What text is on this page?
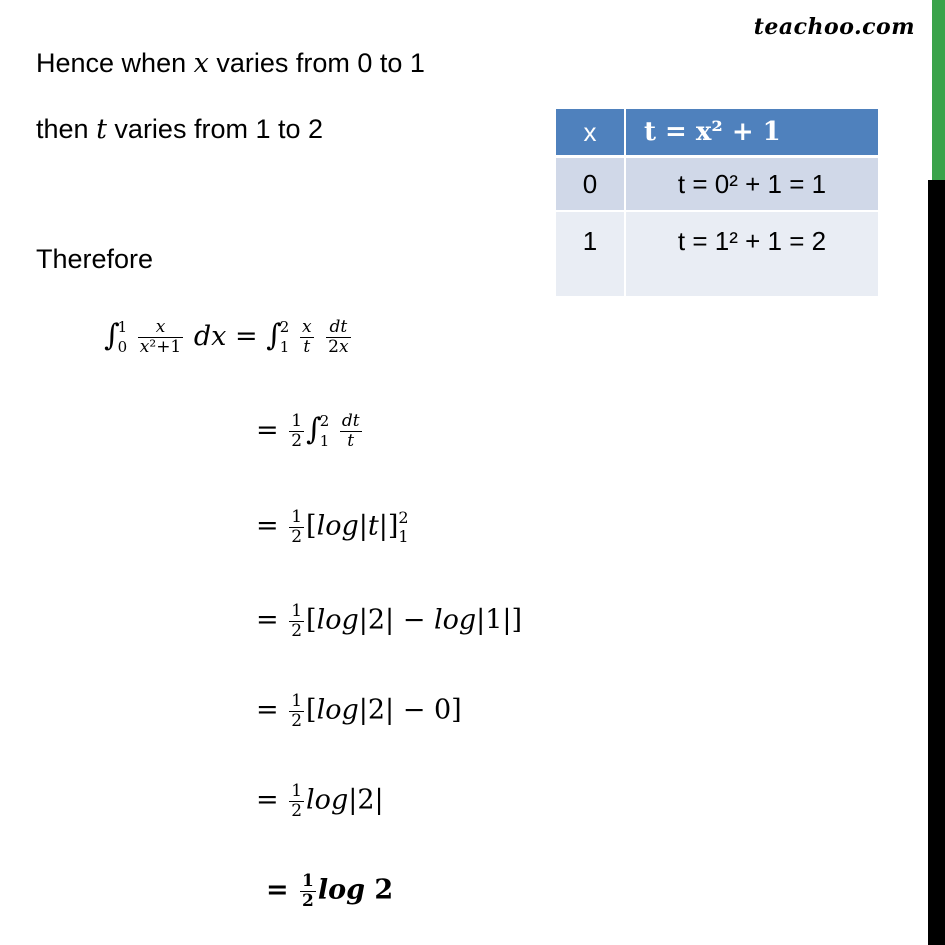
teachoo.com
Hence when x varies from 0 to 1
then t varies from 1 to 2
Therefore
x	t = x² + 1
0	t = 0² + 1 = 1
1	t = 1² + 1 = 2
∫
1
0
$\frac{x}{\text{x²+1}}$ dx = ∫
2
1
$\frac{x}{t}$
$\frac{dt}{2x}$
= $\frac{1}{2}$ ∫
2
1
$\frac{dt}{t}$
= $\frac{1}{2} [\log|t|]$ 2
1
= $\frac{1}{2} [\log|2| - \log|1|]$
= $\frac{1}{2} [\log|2| - 0]$
= $\frac{1}{2} \log|2|$
= $\frac{1}{2}$ log 2
